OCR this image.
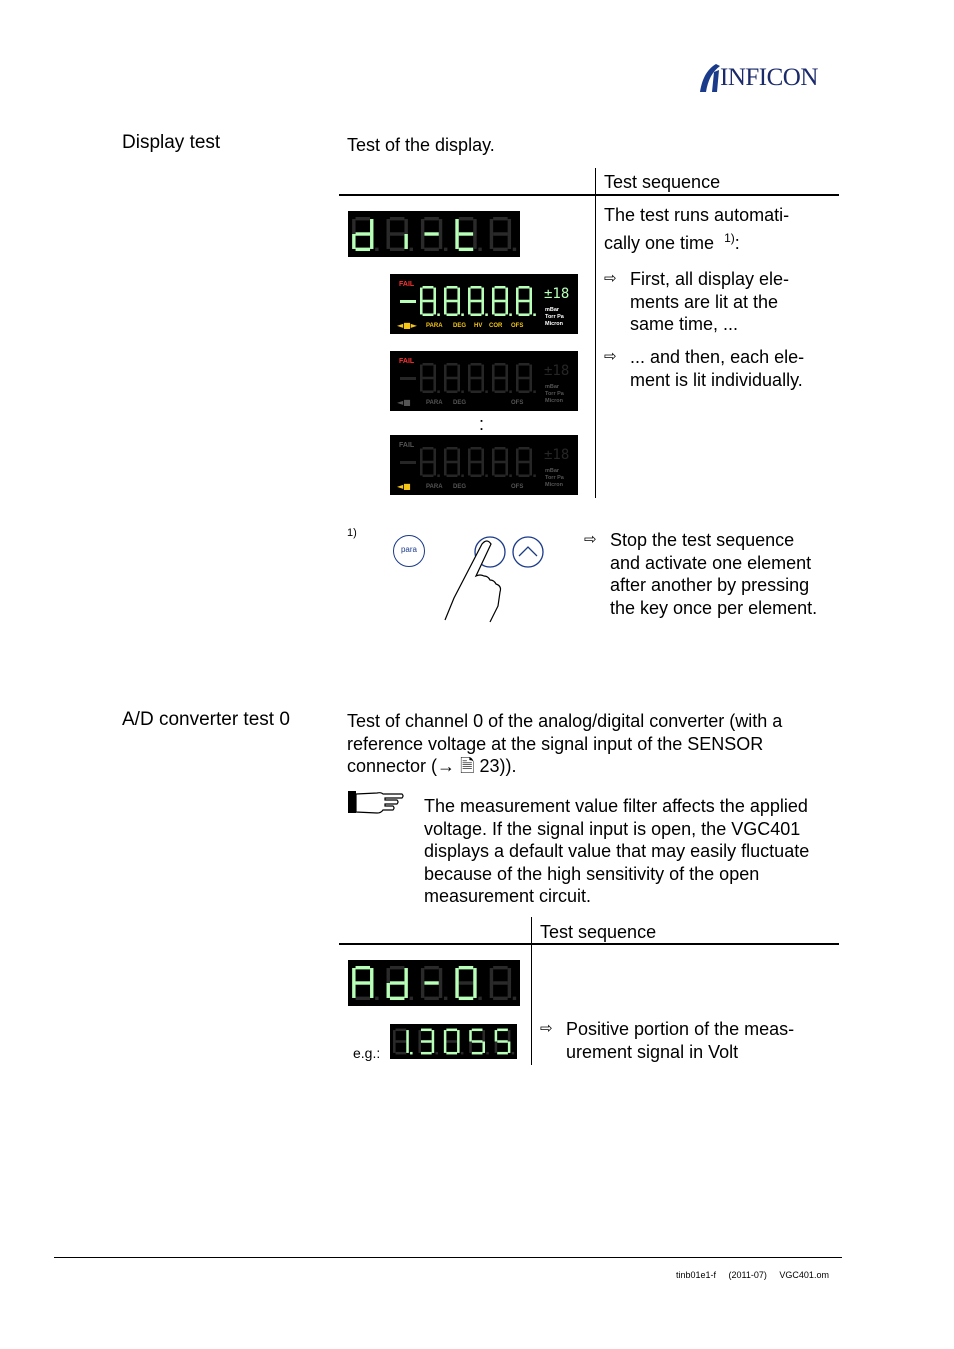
INFICON
Display test	Test of the display.
Test sequence
The test runs automati-
cally one time $^{1)}$:
⇨ First, all display ele-
ments are lit at the
same time, ...
⇨ ... and then, each ele-
ment is lit individually.
FAIL
±18
mBar
Torr Pa
Micron
◄■► PARA DEG HV COR OFS
FAIL
±18
mBar
Torr Pa
Micron
◄■	PARA DEG	OFS
:
FAIL
±18
mBar
Torr Pa
Micron
◄■	PARA DEG	OFS
1)
para
⇨ Stop the test sequence
and activate one element
after another by pressing
the key once per element.
A/D converter test 0	Test of channel 0 of the analog/digital converter (with a
reference voltage at the signal input of the SENSOR
connector (→ 🗎 23)).
The measurement value filter affects the applied
voltage. If the signal input is open, the VGC401
displays a default value that may easily fluctuate
because of the high sensitivity of the open
measurement circuit.
Test sequence
e.g.:
⇨ Positive portion of the meas-
urement signal in Volt
tinb01e1-f (2011-07) VGC401.om
